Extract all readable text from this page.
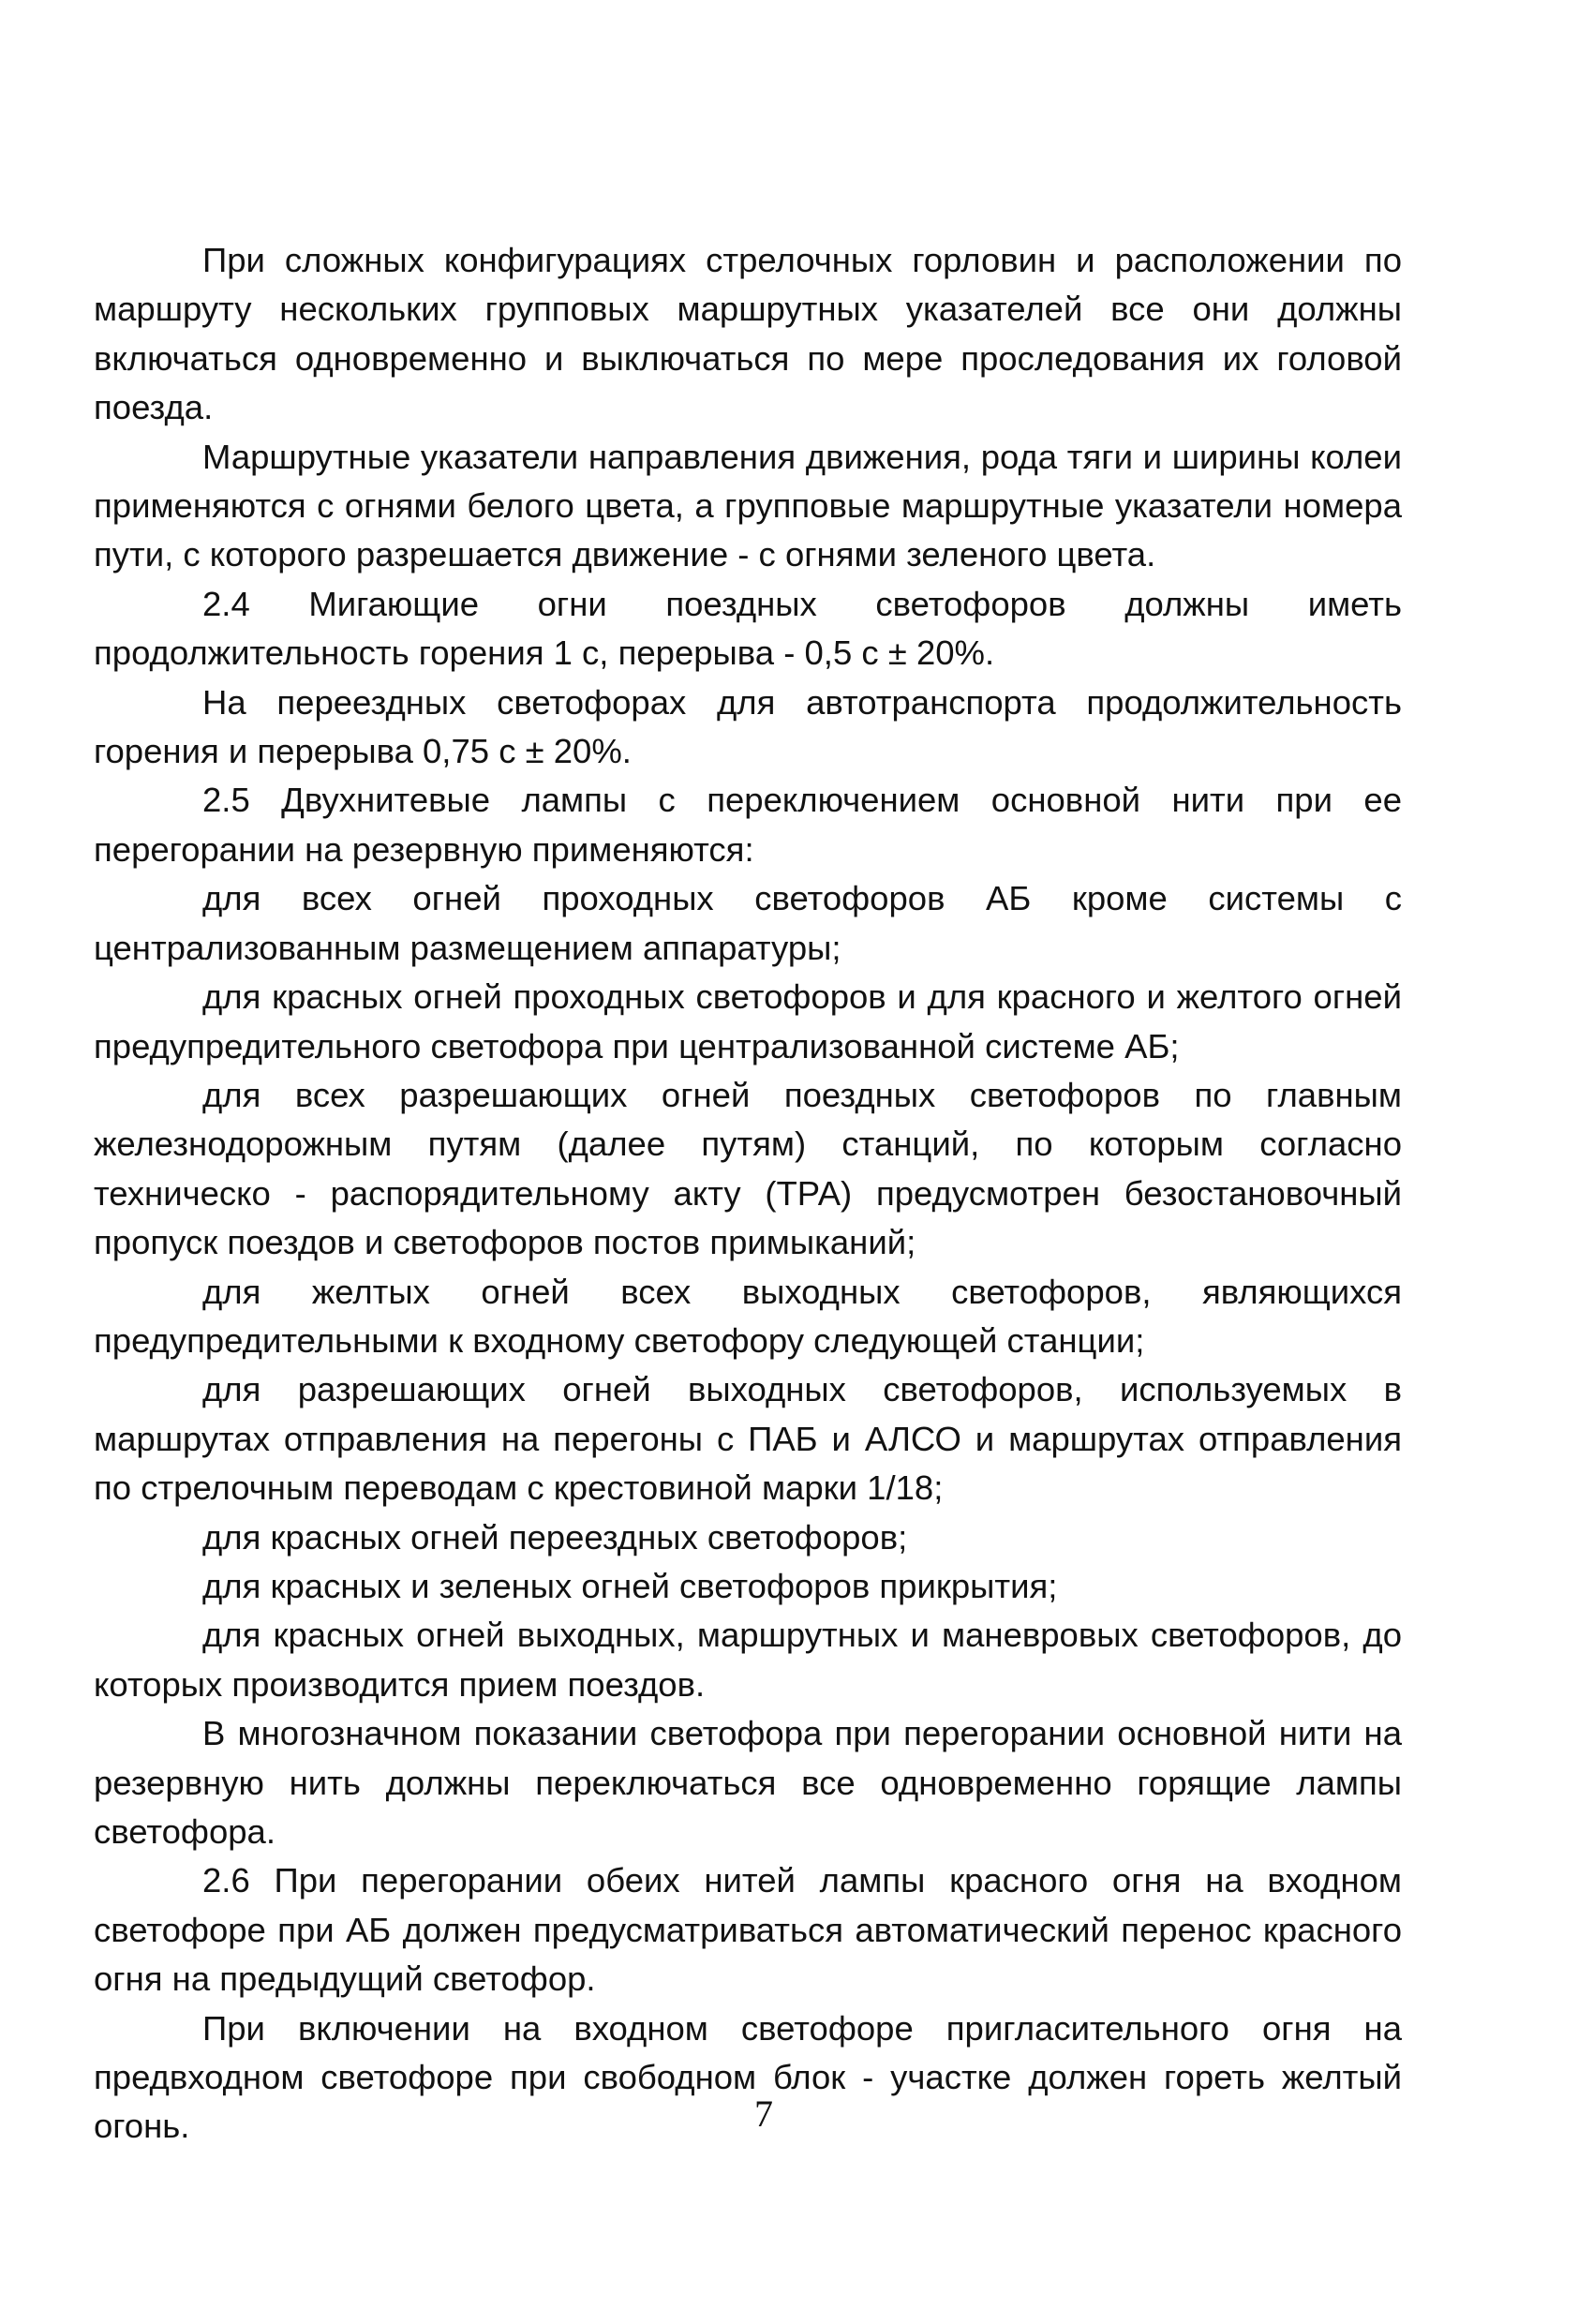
При сложных конфигурациях стрелочных горловин и расположении по маршруту нескольких групповых маршрутных указателей все они должны включаться одновременно и выключаться по мере проследования их головой поезда.

Маршрутные указатели направления движения, рода тяги и ширины колеи применяются с огнями белого цвета, а групповые маршрутные указатели номера пути, с которого разрешается движение - с огнями зеленого цвета.

2.4 Мигающие огни поездных светофоров должны иметь продолжительность горения 1 с, перерыва - 0,5 с ± 20%.

На переездных светофорах для автотранспорта продолжительность горения и перерыва 0,75 с ± 20%.

2.5 Двухнитевые лампы с переключением основной нити при ее перегорании на резервную применяются:

для всех огней проходных светофоров АБ кроме системы с централизованным размещением аппаратуры;

для красных огней проходных светофоров и для красного и желтого огней предупредительного светофора при централизованной системе АБ;

для всех разрешающих огней поездных светофоров по главным железнодорожным путям (далее путям) станций, по которым согласно техническо - распорядительному акту (ТРА) предусмотрен безостановочный пропуск поездов и светофоров постов примыканий;

для желтых огней всех выходных светофоров, являющихся предупредительными к входному светофору следующей станции;

для разрешающих огней выходных светофоров, используемых в маршрутах отправления на перегоны с ПАБ и АЛСО и маршрутах отправления по стрелочным переводам с крестовиной марки 1/18;

для красных огней переездных светофоров;

для красных и зеленых огней светофоров прикрытия;

для красных огней выходных, маршрутных и маневровых светофоров, до которых производится прием поездов.

В многозначном показании светофора при перегорании основной нити на резервную нить должны переключаться все одновременно горящие лампы светофора.

2.6 При перегорании обеих нитей лампы красного огня на входном светофоре при АБ должен предусматриваться автоматический перенос красного огня на предыдущий светофор.

При включении на входном светофоре пригласительного огня на предвходном светофоре при свободном блок - участке должен гореть желтый огонь.	7
